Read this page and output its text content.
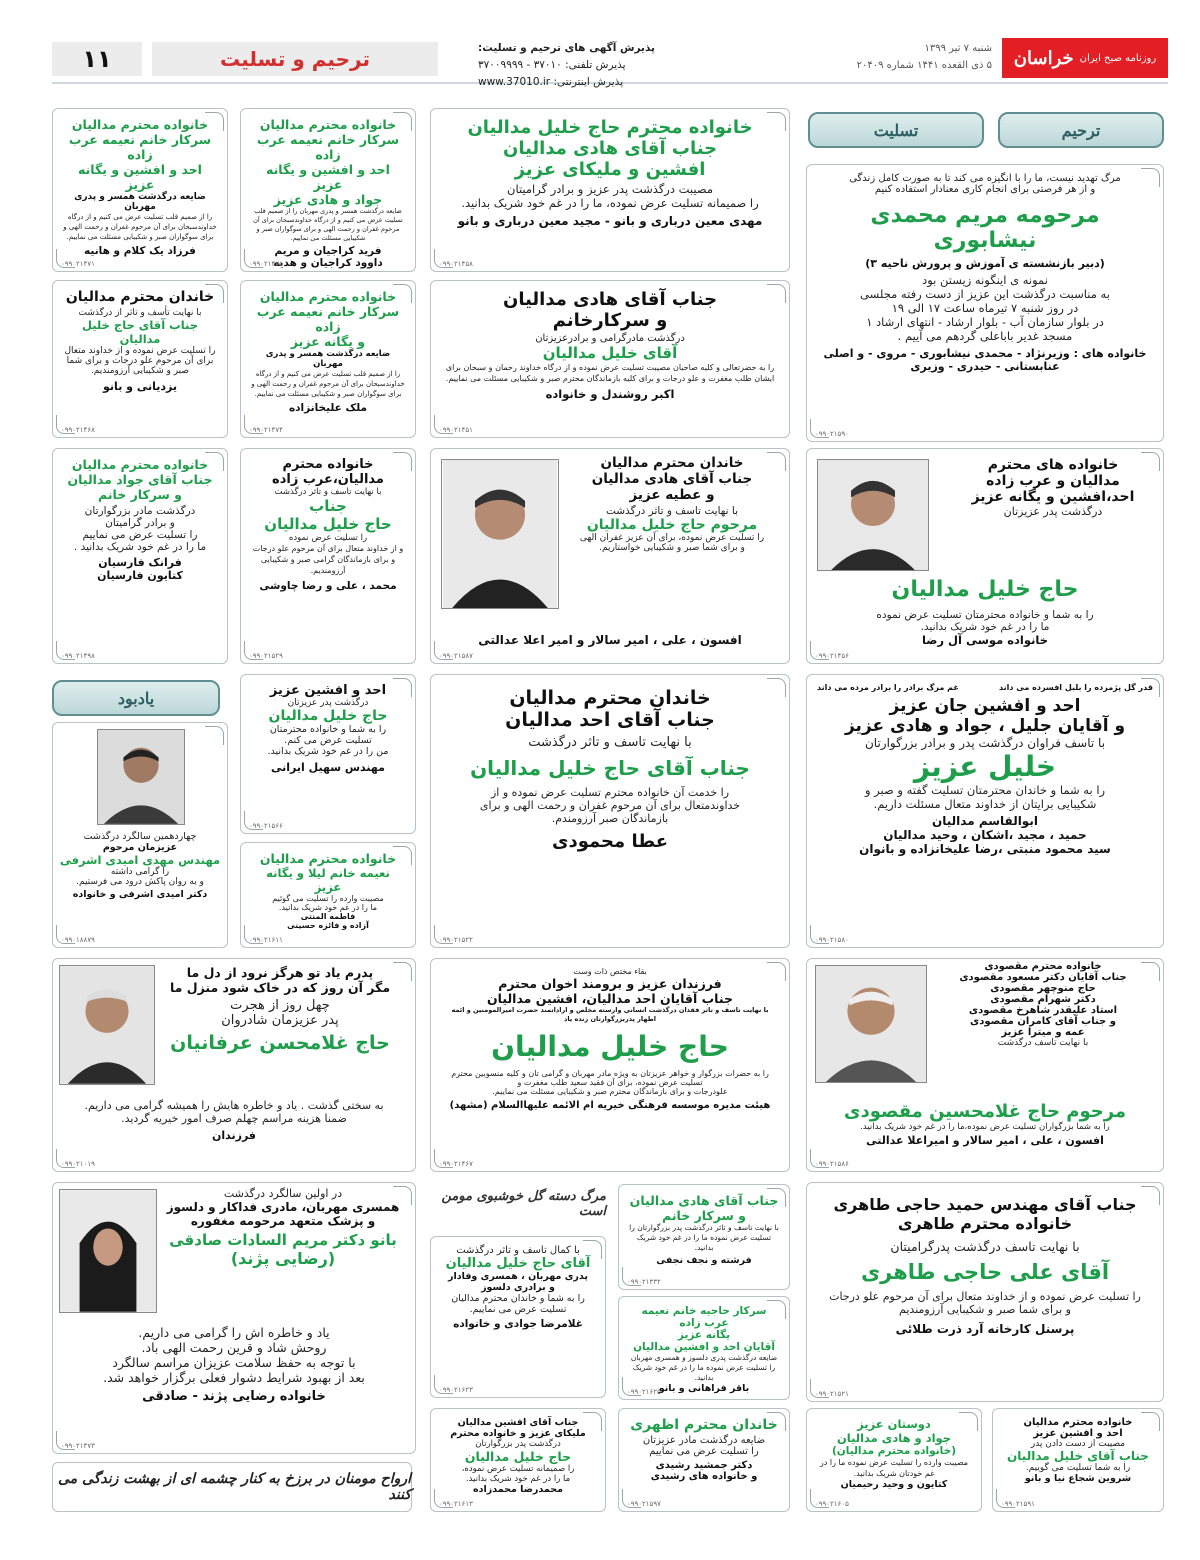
روزنامه صبح ایران
خراسان
شنبه ۷ تیر ۱۳۹۹
۵ ذی القعده ۱۴۴۱ شماره ۲۰۴۰۹
پذیرش آگهی های ترحیم و تسلیت:
پذیرش تلفنی: ۳۷۰۱۰ - ۳۷۰۰۹۹۹۹
پذیرش اینترنتی: www.37010.ir
ترحیم و تسلیت
۱۱
ترحیم
تسلیت
یادبود
مرگ تهدید نیست، ما را با انگیزه می کند تا به صورت کامل زندگی
و از هر فرصتی برای انجام کاری معنادار استفاده کنیم
مرحومه مریم محمدی نیشابوری
(دبیر بازنشسته ی آموزش و پرورش ناحیه ۳)
نمونه ی اینگونه زیستن بود
به مناسبت درگذشت این عزیز از دست رفته مجلسی
در روز شنبه ۷ تیرماه ساعت ۱۷ الی ۱۹
در بلوار سازمان آب - بلوار ارشاد - انتهای ارشاد ۱
مسجد غدیر باباعلی گردهم می آییم .
خانواده های : وزیرنژاد - محمدی نیشابوری - مروی - و اصلی
عنابستانی - حیدری - وزیری
۰۹۹۰۲۱۵۹۰
خانواده محترم حاج خلیل مدالیان
جناب آقای هادی مدالیان
افشین و ملیکای عزیز
مصیبت درگذشت پدر عزیز و برادر گرامیتان
را صمیمانه تسلیت عرض نموده، ما را در غم خود شریک بدانید.
مهدی معین درباری و بانو - مجید معین درباری و بانو
۰۹۹۰۲۱۴۵۸
خانواده محترم مدالیان
سرکار خانم نعیمه عرب زاده
احد و افشین و یگانه عزیز
جواد و هادی عزیز
ضایعه درگذشت همسر و پدری مهربان را از صمیم قلب تسلیت عرض می کنیم و از درگاه خداوندسبحان برای آن مرحوم غفران و رحمت الهی و برای سوگواران صبر و شکیبایی مسئلت می نماییم.
فرید کراجیان و مریم
داوود کراجیان و هدیه
۰۹۹۰۲۱۴۷۵
خانواده محترم مدالیان
سرکار خانم نعیمه عرب زاده
احد و افشین و یگانه عزیز
ضایعه درگذشت همسر و پدری مهربان
را از صمیم قلب تسلیت عرض می کنیم و از درگاه خداوندسبحان برای آن مرحوم غفران و رحمت الهی و برای سوگواران صبر و شکیبایی مسئلت می نماییم.
فرزاد یک کلام و هانیه
۰۹۹۰۲۱۴۷۱
جناب آقای هادی مدالیان
و سرکارخانم
درگذشت مادرگرامی و برادرعزیزتان
آقای خلیل مدالیان
را به حضرتعالی و کلیه صاحبان مصیبت تسلیت عرض نموده و از درگاه خداوند رحمان و سبحان برای ایشان طلب مغفرت و علو درجات و برای کلیه بازماندگان محترم صبر و شکیبایی مسئلت می نماییم.
اکبر روشندل و خانواده
۰۹۹۰۲۱۴۵۱
خانواده محترم مدالیان
سرکار خانم نعیمه عرب زاده
و یگانه عزیز
ضایعه درگذشت همسر و پدری مهربان
را از صمیم قلب تسلیت عرض می کنیم و از درگاه خداوندسبحان برای آن مرحوم غفران و رحمت الهی و برای سوگواران صبر و شکیبایی مسئلت می نماییم.
ملک علیخانزاده
۰۹۹۰۲۱۴۷۴
خاندان محترم مدالیان
با نهایت تأسف و تاثر از درگذشت
جناب آقای حاج خلیل مدالیان
را تسلیت عرض نموده و از خداوند متعال
برای آن مرحوم علو درجات و برای شما
صبر و شکیبایی آرزومندیم.
یزدیانی و بانو
۰۹۹۰۲۱۴۶۸
خانواده های محترم
مدالیان و عرب زاده
احد،افشین و یگانه عزیز
درگذشت پدر عزیزتان
حاج خلیل مدالیان
را به شما و خانواده محترمتان تسلیت عرض نموده
ما را در غم خود شریک بدانید.
خانواده موسی آل رضا
۰۹۹۰۲۱۴۵۶
خاندان محترم مدالیان
جناب آقای هادی مدالیان
و عطیه عزیز
با نهایت تاسف و تاثر درگذشت
مرحوم حاج خلیل مدالیان
را تسلیت عرض نموده، برای آن عزیز غفران الهی
و برای شما صبر و شکیبایی خواستاریم.
افسون ، علی ، امیر سالار و امیر اعلا عدالتی
۰۹۹۰۲۱۵۸۷
خانواده محترم
مدالیان،عرب زاده
با نهایت تاسف و تاثر درگذشت
جناب
حاج خلیل مدالیان
را تسلیت عرض نموده
و از خداوند متعال برای آن مرحوم علو درجات و برای بازماندگان گرامی صبر و شکیبایی آرزومندیم.
محمد ، علی و رضا چاوشی
۰۹۹۰۲۱۵۲۹
خانواده محترم مدالیان
جناب آقای جواد مدالیان
و سرکار خانم
درگذشت مادر بزرگوارتان
و برادر گرامیتان
را تسلیت عرض می نماییم
ما را در غم خود شریک بدانید .
فرانک فارسیان
کتایون فارسیان
۰۹۹۰۲۱۴۹۸
قدر گل پژمرده را بلبل افسرده می داند
غم مرگ برادر را برادر مرده می داند
احد و افشین جان عزیز
و آقایان جلیل ، جواد و هادی عزیز
با تاسف فراوان درگذشت پدر و برادر بزرگوارتان
خلیل عزیز
را به شما و خاندان محترمتان تسلیت گفته و صبر و
شکیبایی برایتان از خداوند متعال مسئلت داریم.
ابوالقاسم مدالیان
حمید ، مجید ،اشکان ، وحید مدالیان
سید محمود منبتی ،رضا علیخانزاده و بانوان
۰۹۹۰۲۱۵۸۰
خاندان محترم مدالیان
جناب آقای احد مدالیان
با نهایت تاسف و تاثر درگذشت
جناب آقای حاج خلیل مدالیان
را خدمت آن خانواده محترم تسلیت عرض نموده و از
خداوندمتعال برای آن مرحوم غفران و رحمت الهی و برای
بازماندگان صبر آرزومندم.
عطا محمودی
۰۹۹۰۲۱۵۲۲
احد و افشین عزیز
درگذشت پدر عزیزتان
حاج خلیل مدالیان
را به شما و خانواده محترمتان
تسلیت عرض می کنم.
من را در غم خود شریک بدانید.
مهندس سهیل ایرانی
۰۹۹۰۲۱۵۶۶
خانواده محترم مدالیان
نعیمه خانم لیلا و یگانه عزیز
مصیبت وارده را تسلیت می گوئیم
ما را در غم خود شریک بدانید.
فاطمه المنتی
آزاده و فائزه حسینی
۰۹۹۰۲۱۶۱۱
چهاردهمین سالگرد درگذشت
عزیزمان مرحوم
مهندس مهدی امیدی اشرفی
را گرامی داشته
و به روان پاکش درود می فرستیم.
دکتر امیدی اشرفی و خانواده
۰۹۹۰۱۸۸۷۹
پدرم یاد تو هرگز نرود از دل ما
مگر آن روز که در خاک شود منزل ما
چهل روز از هجرت
پدر عزیزمان شادروان
حاج غلامحسن عرفانیان
به سختی گذشت . یاد و خاطره هایش را همیشه گرامی می داریم.
ضمنا هزینه مراسم چهلم صرف امور خیریه گردید.
فرزندان
۰۹۹۰۲۱۰۱۹
بقاء مختص ذات وست
فرزندان عزیز و برومند اخوان محترم
جناب آقایان احد مدالیان، افشین مدالیان
با نهایت تاسف و تاثر فقدان درگذشت انسانی وارسته مخلص و اراداتمند حضرت امیرالمومنین و ائمه اطهار پدربزرگوارتان زنده یاد
حاج خلیل مدالیان
را به حضرات بزرگوار و خواهر عزیزتان به ویژه مادر مهربان و گرامی تان و کلیه منسوبین محترم
تسلیت عرض نموده، برای آن فقید سعید طلب مغفرت و
علودرجات و برای بازماندگان محترم صبر و شکیبایی مسئلت می نماییم.
هیئت مدیره موسسه فرهنگی خیریه ام الائمه علیهاالسلام (مشهد)
۰۹۹۰۲۱۴۶۷
خانواده محترم مقصودی
جناب آقایان دکتر مسعود مقصودی
حاج منوچهر مقصودی
دکتر شهرام مقصودی
استاد علیقدر شاهرخ مقصودی
و جناب آقای کامران مقصودی
عمه و میترا عزیز
با نهایت تاسف درگذشت
مرحوم حاج غلامحسین مقصودی
را به شما بزرگواران تسلیت عرض نموده،ما را در غم خود شریک بدانید.
افسون ، علی ، امیر سالار و امیراعلا عدالتی
۰۹۹۰۲۱۵۸۶
در اولین سالگرد درگذشت
همسری مهربان، مادری فداکار و دلسوز
و پزشک متعهد مرحومه مغفوره
بانو دکتر مریم السادات صادقی
(رضایی پژند)
یاد و خاطره اش را گرامی می داریم.
روحش شاد و قرین رحمت الهی باد.
با توجه به حفظ سلامت عزیزان مراسم سالگرد
بعد از بهبود شرایط دشوار فعلی برگزار خواهد شد.
خانواده رضایی پژند - صادقی
۰۹۹۰۲۱۳۷۳
مرگ دسته گل خوشبوی مومن است
با کمال تاسف و تاثر درگذشت
آقای حاج خلیل مدالیان
پدری مهربان ، همسری وفادار
و برادری دلسوز
را به شما و خاندان محترم مدالیان
تسلیت عرض می نماییم.
غلامرضا جوادی و خانواده
۰۹۹۰۲۱۶۲۳
جناب آقای هادی مدالیان
و سرکار خانم
با نهایت تاسف و تاثر درگذشت پدر بزرگوارتان را تسلیت عرض نموده ما را در غم خود شریک بدانید.
فرشته و نجف نجفی
۰۹۹۰۲۱۳۳۲
سرکار حاجیه خانم نعیمه عرب زاده
یگانه عزیز
آقایان احد و افشین مدالیان
ضایعه درگذشت پدری دلسوز و همسری مهربان را تسلیت عرض نموده ما را در غم خود شریک بدانید.
باقر فراهانی و بانو
۰۹۹۰۲۱۶۲۵
جناب آقای مهندس حمید حاجی طاهری
خانواده محترم طاهری
با نهایت تاسف درگذشت پدرگرامیتان
آقای علی حاجی طاهری
را تسلیت عرض نموده و از خداوند متعال برای آن مرحوم علو درجات
و برای شما صبر و شکیبایی آرزومندیم
پرسنل کارخانه آرد ذرت طلائی
۰۹۹۰۲۱۵۲۱
جناب آقای افشین مدالیان
ملیکای عزیز و خانواده محترم
درگذشت پدر بزرگوارتان
حاج خلیل مدالیان
را صمیمانه تسلیت عرض نموده،
ما را در غم خود شریک بدانید.
محمدرضا محمدزاده
۰۹۹۰۲۱۶۱۳
خاندان محترم اظهری
ضایعه درگذشت مادر عزیزتان
را تسلیت عرض می نماییم
دکتر جمشید رشیدی
و خانواده های رشیدی
۰۹۹۰۲۱۵۹۷
دوستان عزیز
جواد و هادی مدالیان
(خانواده محترم مدالیان)
مصیبت وارده را تسلیت عرض نموده ما را در غم خودتان شریک بدانید.
کتایون و وحید رحیمیان
۰۹۹۰۲۱۶۰۵
خانواده محترم مدالیان
احد و افشین عزیز
مصیبت از دست دادن پدر
جناب آقای خلیل مدالیان
را به شما تسلیت می گوییم.
شروین شجاع نیا و بانو
۰۹۹۰۲۱۵۹۱
ارواح مومنان در برزخ به کنار چشمه ای از بهشت زندگی می کنند
